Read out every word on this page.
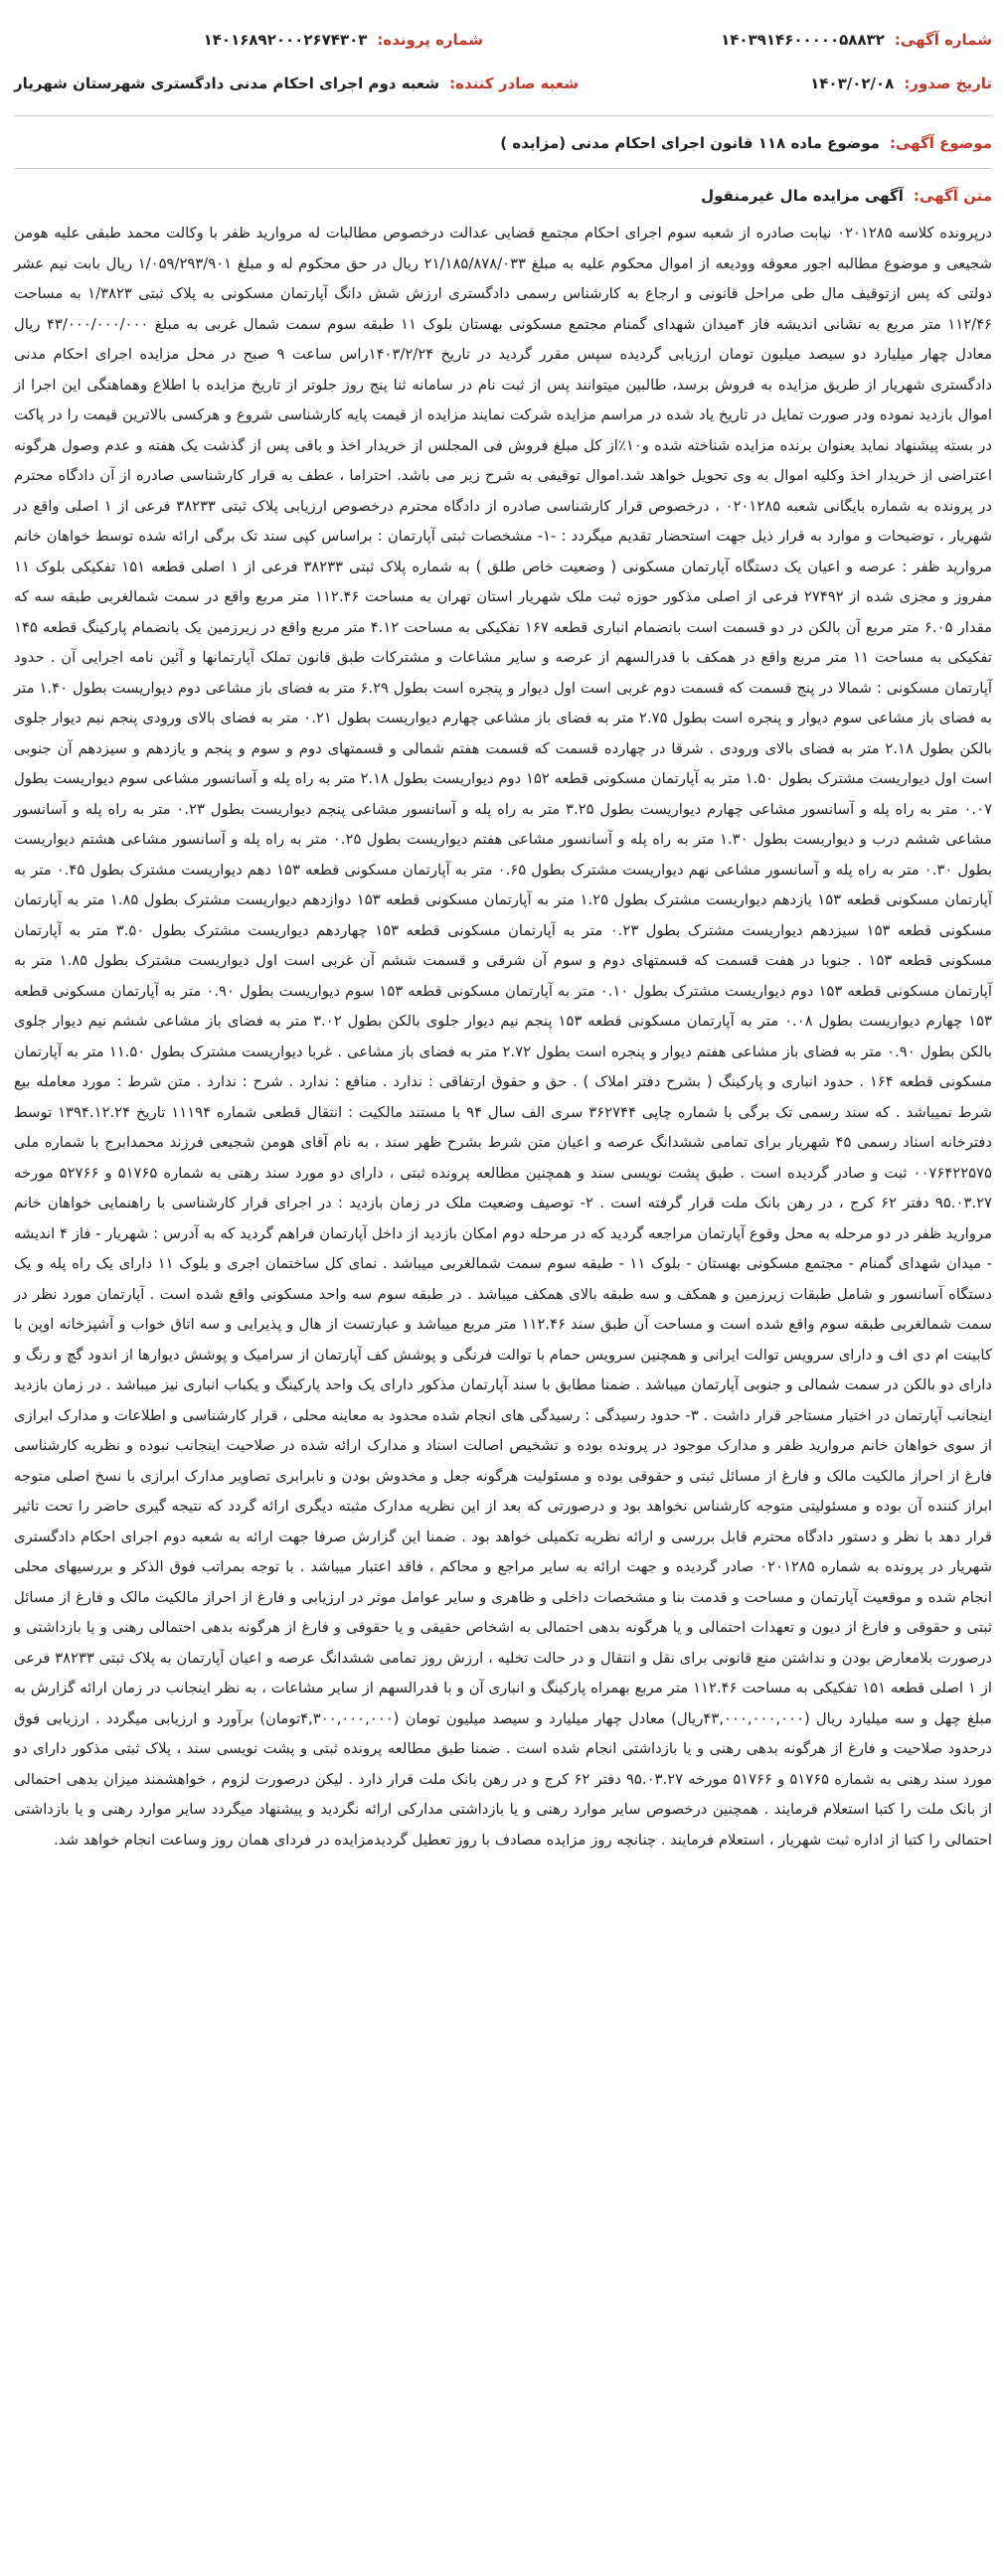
شماره آگهی:
۱۴۰۳۹۱۴۶۰۰۰۰۰۵۸۸۳۲
شماره پرونده:
۱۴۰۱۶۸۹۲۰۰۰۲۶۷۴۳۰۳
تاریخ صدور:
۱۴۰۳/۰۲/۰۸
شعبه صادر کننده:
شعبه دوم اجرای احکام مدنی دادگستری شهرستان شهریار
موضوع آگهی:
موضوع ماده ۱۱۸ قانون اجرای احکام مدنی (مزایده )
متن آگهی:
آگهی مزایده مال غیرمنقول
درپرونده کلاسه ۰۲۰۱۲۸۵ نیابت صادره از شعبه سوم اجرای احکام مجتمع قضایی عدالت درخصوص مطالبات له مروارید ظفر با وکالت محمد طبقی علیه هومن شجیعی و موضوع مطالبه اجور معوقه وودیعه از اموال محکوم علیه به مبلغ ۲۱/۱۸۵/۸۷۸/۰۳۳ ریال در حق محکوم له و مبلغ ۱/۰۵۹/۲۹۳/۹۰۱ ریال بابت نیم عشر دولتی که پس ازتوقیف مال طی مراحل قانونی و ارجاع به کارشناس رسمی دادگستری ارزش شش دانگ آپارتمان مسکونی به پلاک ثبتی ۱/۳۸۲۳ به مساحت ۱۱۲/۴۶ متر مربع به نشانی اندیشه فاز ۴میدان شهدای گمنام مجتمع مسکونی بهستان بلوک ۱۱ طبقه سوم سمت شمال غربی به مبلغ ۴۳/۰۰۰/۰۰۰/۰۰۰ ریال معادل چهار میلیارد دو سیصد میلیون تومان ارزیابی گردیده سپس مقرر گردید در تاریخ ۱۴۰۳/۲/۲۴راس ساعت ۹ صبح در محل مزایده اجرای احکام مدنی دادگستری شهریار از طریق مزایده به فروش برسد، طالبین میتوانند پس از ثبت نام در سامانه ثنا پنج روز جلوتر از تاریخ مزایده با اطلاع وهماهنگی این اجرا از اموال بازدید نموده ودر صورت تمایل در تاریخ یاد شده در مراسم مزایده شرکت نمایند مزایده از قیمت پایه کارشناسی شروع و هرکسی بالاترین قیمت را در پاکت در بسته پیشنهاد نماید بعنوان برنده مزایده شناخته شده و۱۰٪از کل مبلغ فروش فی المجلس از خریدار اخذ و باقی پس از گذشت یک هفته و عدم وصول هرگونه اعتراضی از خریدار اخذ وکلیه اموال به وی تحویل خواهد شد.اموال توقیفی به شرح زیر می باشد. احتراما ، عطف به قرار کارشناسی صادره از آن دادگاه محترم در پرونده به شماره بایگانی شعبه ۰۲۰۱۲۸۵ ، درخصوص قرار کارشناسی صادره از دادگاه محترم درخصوص ارزیابی پلاک ثبتی ۳۸۲۳۳ فرعی از ۱ اصلی واقع در شهریار ، توضیحات و موارد به قرار ذیل جهت استحضار تقدیم میگردد : -۱- مشخصات ثبتی آپارتمان : براساس کپی سند تک برگی ارائه شده توسط خواهان خانم مروارید ظفر : عرصه و اعیان یک دستگاه آپارتمان مسکونی ( وضعیت خاص طلق ) به شماره پلاک ثبتی ۳۸۲۳۳ فرعی از ۱ اصلی قطعه ۱۵۱ تفکیکی بلوک ۱۱ مفروز و مجزی شده از ۲۷۴۹۲ فرعی از اصلی مذکور حوزه ثبت ملک شهریار استان تهران به مساحت ۱۱۲.۴۶ متر مربع واقع در سمت شمالغربی طبقه سه که مقدار ۶.۰۵ متر مربع آن بالکن در دو قسمت است بانضمام انباری قطعه ۱۶۷ تفکیکی به مساحت ۴.۱۲ متر مربع واقع در زیرزمین یک بانضمام پارکینگ قطعه ۱۴۵ تفکیکی به مساحت ۱۱ متر مربع واقع در همکف با قدرالسهم از عرصه و سایر مشاعات و مشترکات طبق قانون تملک آپارتمانها و آئین نامه اجرایی آن . حدود آپارتمان مسکونی : شمالا در پنج قسمت که قسمت دوم غربی است اول دیوار و پنجره است بطول ۶.۲۹ متر به فضای باز مشاعی دوم دیواریست بطول ۱.۴۰ متر به فضای باز مشاعی سوم دیوار و پنجره است بطول ۲.۷۵ متر به فضای باز مشاعی چهارم دیواریست بطول ۰.۲۱ متر به فضای بالای ورودی پنجم نیم دیوار جلوی بالکن بطول ۲.۱۸ متر به فضای بالای ورودی . شرقا در چهارده قسمت که قسمت هفتم شمالی و قسمتهای دوم و سوم و پنجم و یازدهم و سیزدهم آن جنوبی است اول دیواریست مشترک بطول ۱.۵۰ متر به آپارتمان مسکونی قطعه ۱۵۲ دوم دیواریست بطول ۲.۱۸ متر به راه پله و آسانسور مشاعی سوم دیواریست بطول ۰.۰۷ متر به راه پله و آسانسور مشاعی چهارم دیواریست بطول ۳.۲۵ متر به راه پله و آسانسور مشاعی پنجم دیواریست بطول ۰.۲۳ متر به راه پله و آسانسور مشاعی ششم درب و دیواریست بطول ۱.۳۰ متر به راه پله و آسانسور مشاعی هفتم دیواریست بطول ۰.۲۵ متر به راه پله و آسانسور مشاعی هشتم دیواریست بطول ۰.۳۰ متر به راه پله و آسانسور مشاعی نهم دیواریست مشترک بطول ۰.۶۵ متر به آپارتمان مسکونی قطعه ۱۵۳ دهم دیواریست مشترک بطول ۰.۴۵ متر به آپارتمان مسکونی قطعه ۱۵۳ یازدهم دیواریست مشترک بطول ۱.۲۵ متر به آپارتمان مسکونی قطعه ۱۵۳ دوازدهم دیواریست مشترک بطول ۱.۸۵ متر به آپارتمان مسکونی قطعه ۱۵۳ سیزدهم دیواریست مشترک بطول ۰.۲۳ متر به آپارتمان مسکونی قطعه ۱۵۳ چهاردهم دیواریست مشترک بطول ۳.۵۰ متر به آپارتمان مسکونی قطعه ۱۵۳ . جنوبا در هفت قسمت که قسمتهای دوم و سوم آن شرقی و قسمت ششم آن غربی است اول دیواریست مشترک بطول ۱.۸۵ متر به آپارتمان مسکونی قطعه ۱۵۳ دوم دیواریست مشترک بطول ۰.۱۰ متر به آپارتمان مسکونی قطعه ۱۵۳ سوم دیواریست بطول ۰.۹۰ متر به آپارتمان مسکونی قطعه ۱۵۳ چهارم دیواریست بطول ۰.۰۸ متر به آپارتمان مسکونی قطعه ۱۵۳ پنجم نیم دیوار جلوی بالکن بطول ۳.۰۲ متر به فضای باز مشاعی ششم نیم دیوار جلوی بالکن بطول ۰.۹۰ متر به فضای باز مشاعی هفتم دیوار و پنجره است بطول ۲.۷۲ متر به فضای باز مشاعی . غربا دیواریست مشترک بطول ۱۱.۵۰ متر به آپارتمان مسکونی قطعه ۱۶۴ . حدود انباری و پارکینگ ( بشرح دفتر املاک ) . حق و حقوق ارتفاقی : ندارد . منافع : ندارد . شرح : ندارد . متن شرط : مورد معامله بیع شرط نمیباشد . که سند رسمی تک برگی با شماره چاپی ۳۶۲۷۴۴ سری الف سال ۹۴ با مستند مالکیت : انتقال قطعی شماره ۱۱۱۹۴ تاریخ ۱۳۹۴.۱۲.۲۴ توسط دفترخانه اسناد رسمی ۴۵ شهریار برای تمامی ششدانگ عرصه و اعیان متن شرط بشرح ظهر سند ، به نام آقای هومن شجیعی فرزند محمدابرج با شماره ملی ۰۰۷۶۴۲۲۵۷۵ ثبت و صادر گردیده است . طبق پشت نویسی سند و همچنین مطالعه پرونده ثبتی ، دارای دو مورد سند رهنی به شماره ۵۱۷۶۵ و ۵۲۷۶۶ مورخه ۹۵.۰۳.۲۷ دفتر ۶۲ کرج ، در رهن بانک ملت قرار گرفته است . ۲- توصیف وضعیت ملک در زمان بازدید : در اجرای قرار کارشناسی با راهنمایی خواهان خانم مروارید ظفر در دو مرحله به محل وقوع آپارتمان مراجعه گردید که در مرحله دوم امکان بازدید از داخل آپارتمان فراهم گردید که به آدرس : شهریار - فاز ۴ اندیشه - میدان شهدای گمنام - مجتمع مسکونی بهستان - بلوک ۱۱ - طبقه سوم سمت شمالغربی میباشد . نمای کل ساختمان اجری و بلوک ۱۱ دارای یک راه پله و یک دستگاه آسانسور و شامل طبقات زیرزمین و همکف و سه طبقه بالای همکف میباشد . در طبقه سوم سه واحد مسکونی واقع شده است . آپارتمان مورد نظر در سمت شمالغربی طبقه سوم واقع شده است و مساحت آن طبق سند ۱۱۲.۴۶ متر مربع میباشد و عبارتست از هال و پذیرایی و سه اتاق خواب و آشپزخانه اوپن با کابینت ام دی اف و دارای سرویس توالت ایرانی و همچنین سرویس حمام با توالت فرنگی و پوشش کف آپارتمان از سرامیک و پوشش دیوارها از اندود گچ و رنگ و دارای دو بالکن در سمت شمالی و جنوبی آپارتمان میباشد . ضمنا مطابق با سند آپارتمان مذکور دارای یک واحد پارکینگ و یکباب انباری نیز میباشد . در زمان بازدید اینجانب آپارتمان در اختیار مستاجر قرار داشت . ۳- حدود رسیدگی : رسیدگی های انجام شده محدود به معاینه محلی ، قرار کارشناسی و اطلاعات و مدارک ابرازی از سوی خواهان خانم مروارید ظفر و مدارک موجود در پرونده بوده و تشخیص اصالت اسناد و مدارک ارائه شده در صلاحیت اینجانب نبوده و نظریه کارشناسی فارغ از احراز مالکیت مالک و فارغ از مسائل ثبتی و حقوقی بوده و مسئولیت هرگونه جعل و مخدوش بودن و نابرابری تصاویر مدارک ابرازی با نسخ اصلی متوجه ابراز کننده آن بوده و مسئولیتی متوجه کارشناس نخواهد بود و درصورتی که بعد از این نظریه مدارک مثبته دیگری ارائه گردد که نتیجه گیری حاضر را تحت تاثیر قرار دهد با نظر و دستور دادگاه محترم قابل بررسی و ارائه نظریه تکمیلی خواهد بود . ضمنا این گزارش صرفا جهت ارائه به شعبه دوم اجرای احکام دادگستری شهریار در پرونده به شماره ۰۲۰۱۲۸۵ صادر گردیده و جهت ارائه به سایر مراجع و محاکم ، فاقد اعتبار میباشد . با توجه بمراتب فوق الذکر و بررسیهای محلی انجام شده و موقعیت آپارتمان و مساحت و قدمت بنا و مشخصات داخلی و ظاهری و سایر عوامل موثر در ارزیابی و فارغ از احراز مالکیت مالک و فارغ از مسائل ثبتی و حقوقی و فارغ از دیون و تعهدات احتمالی و یا هرگونه بدهی احتمالی به اشخاص حقیقی و یا حقوقی و فارغ از هرگونه بدهی احتمالی رهنی و یا بازداشتی و درصورت بلامعارض بودن و نداشتن منع قانونی برای نقل و انتقال و در حالت تخلیه ، ارزش روز تمامی ششدانگ عرصه و اعیان آپارتمان به پلاک ثبتی ۳۸۲۳۳ فرعی از ۱ اصلی قطعه ۱۵۱ تفکیکی به مساحت ۱۱۲.۴۶ متر مربع بهمراه پارکینگ و انباری آن و با قدرالسهم از سایر مشاعات ، به نظر اینجانب در زمان ارائه گزارش به مبلغ چهل و سه میلیارد ریال (۴۳,۰۰۰,۰۰۰,۰۰۰ریال) معادل چهار میلیارد و سیصد میلیون تومان (۴,۳۰۰,۰۰۰,۰۰۰تومان) برآورد و ارزیابی میگردد . ارزیابی فوق درحدود صلاحیت و فارغ از هرگونه بدهی رهنی و یا بازداشتی انجام شده است . ضمنا طبق مطالعه پرونده ثبتی و پشت نویسی سند ، پلاک ثبتی مذکور دارای دو مورد سند رهنی به شماره ۵۱۷۶۵ و ۵۱۷۶۶ مورخه ۹۵.۰۳.۲۷ دفتر ۶۲ کرج و در رهن بانک ملت قرار دارد . لیکن درصورت لزوم ، خواهشمند میزان بدهی احتمالی از بانک ملت را کتبا استعلام فرمایند . همچنین درخصوص سایر موارد رهنی و یا بازداشتی مدارکی ارائه نگردید و پیشنهاد میگردد سایر موارد رهنی و یا بازداشتی احتمالی را کتبا از اداره ثبت شهریار ، استعلام فرمایند . چنانچه روز مزایده مصادف با روز تعطیل گردیدمزایده در فردای همان روز وساعت انجام خواهد شد.
